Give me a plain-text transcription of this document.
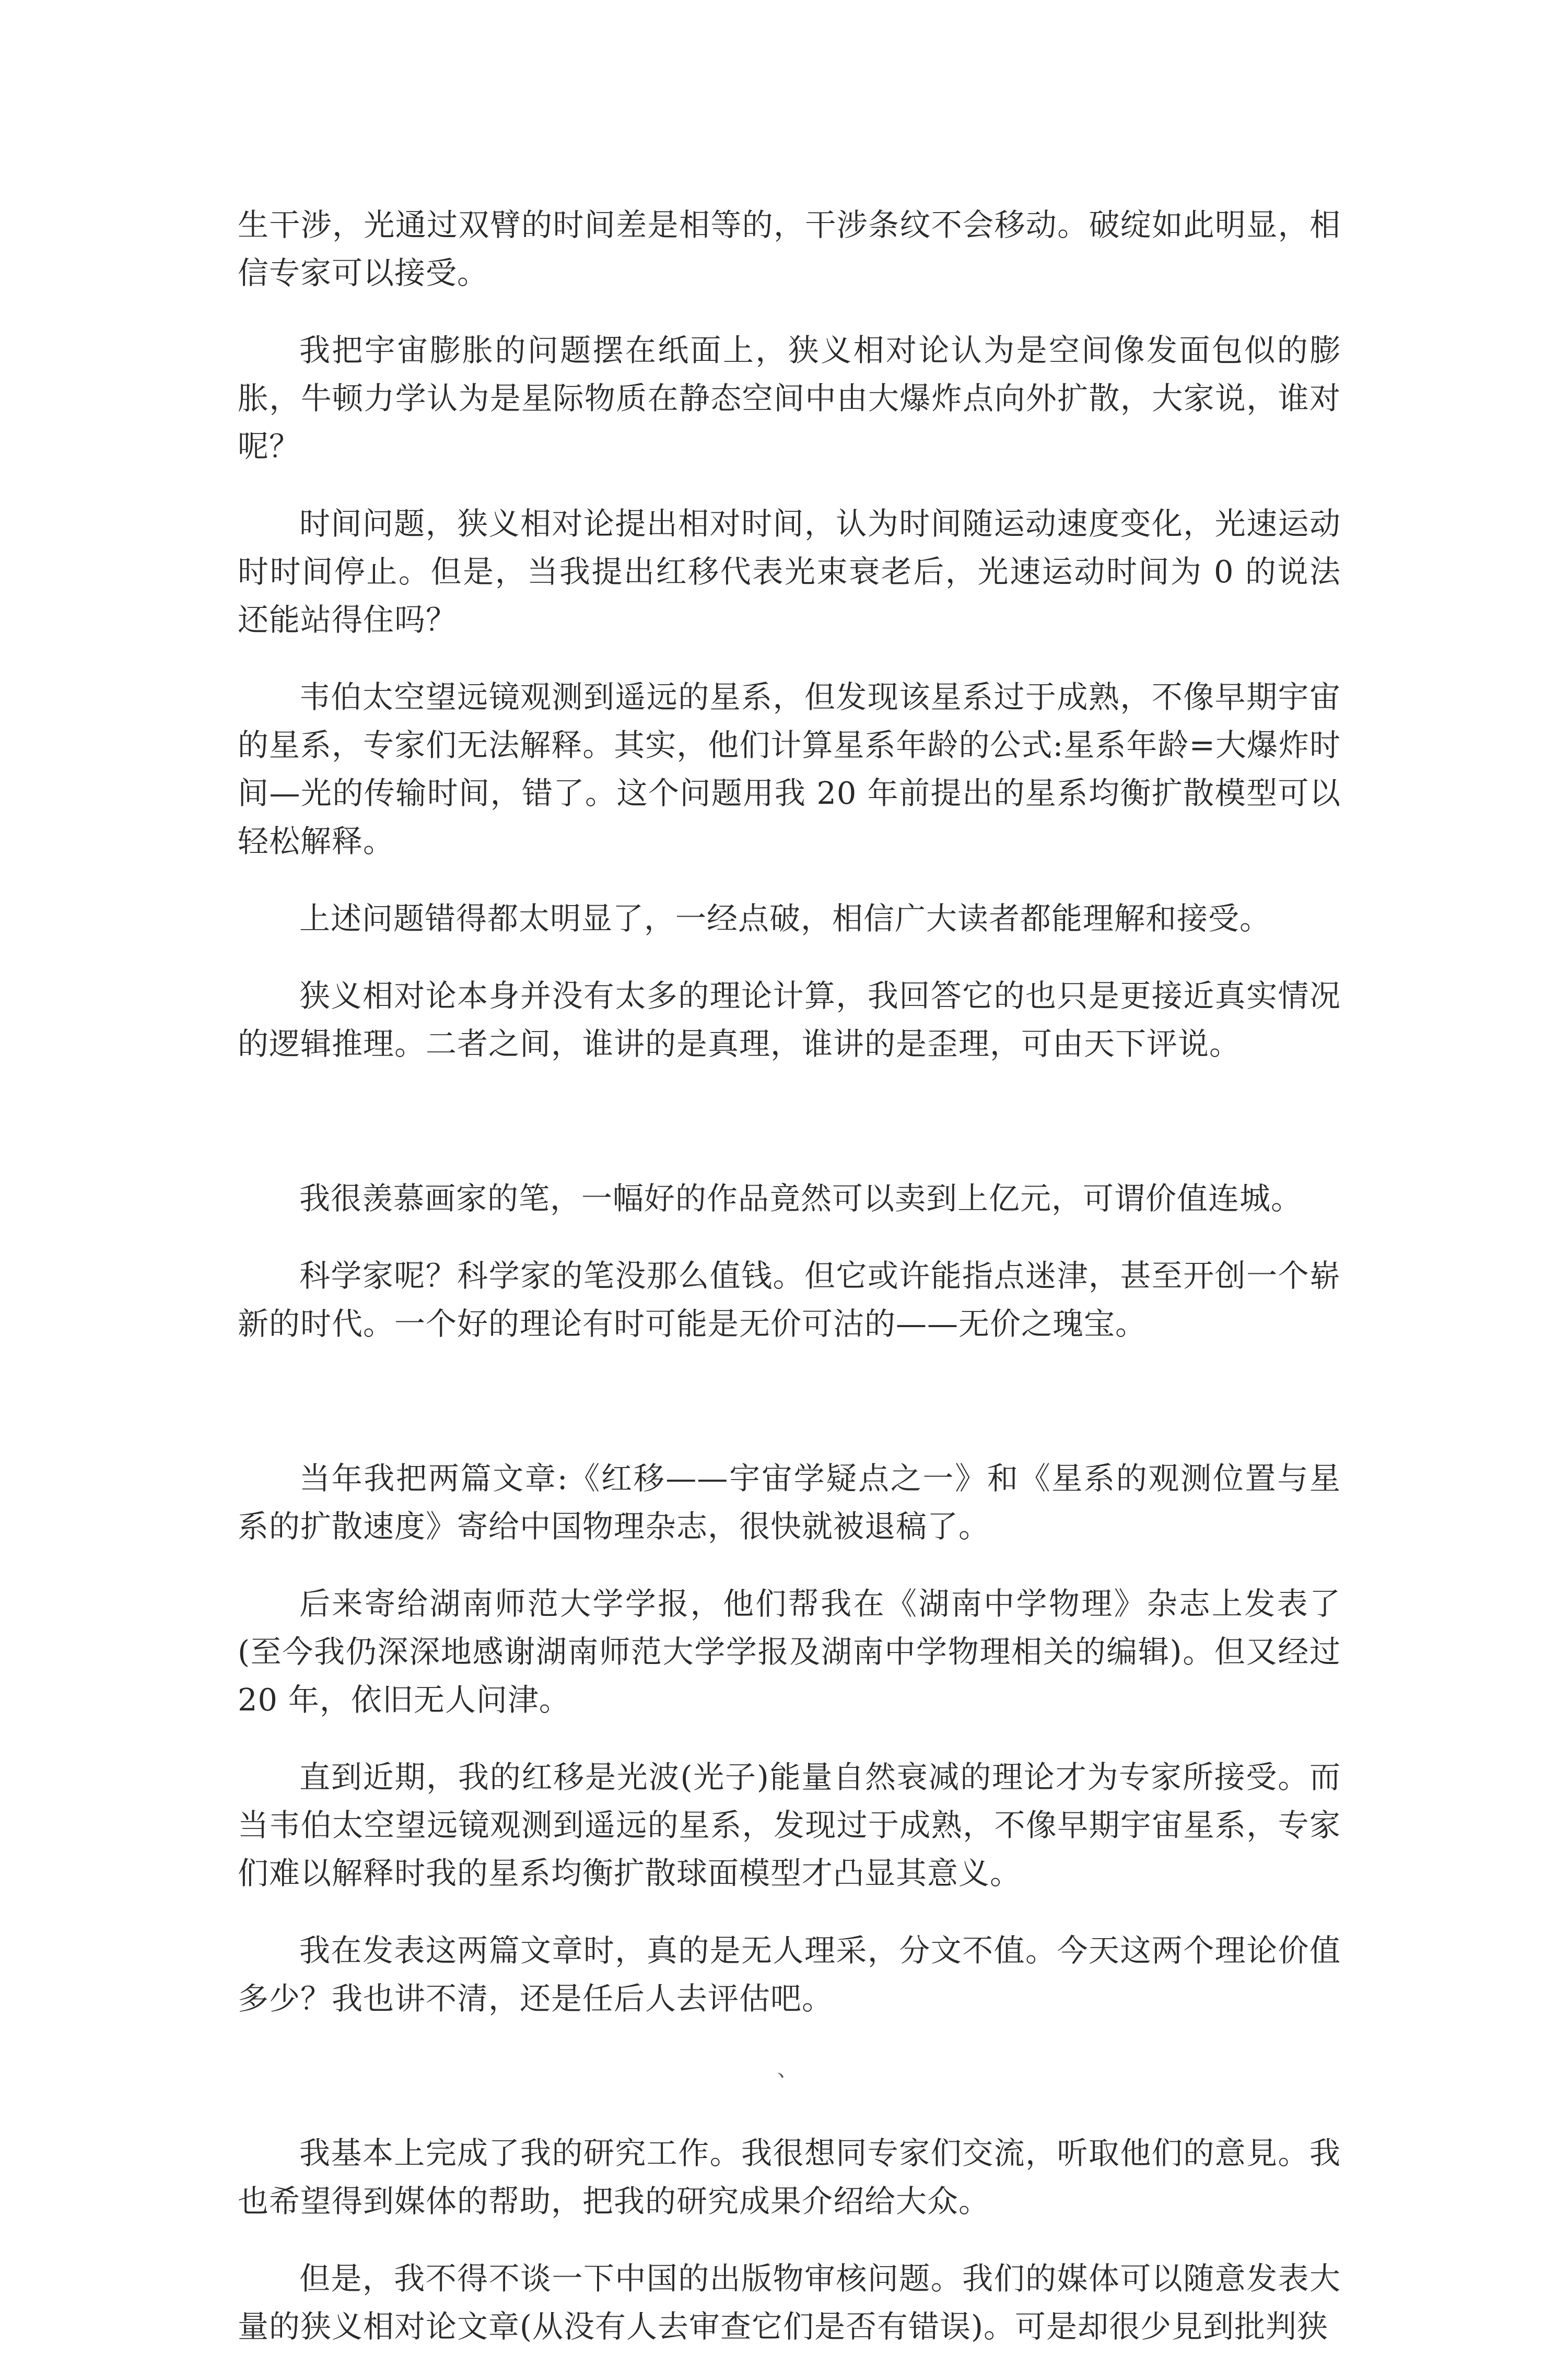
生干涉，光通过双臂的时间差是相等的，干涉条纹不会移动。破绽如此明显，相信专家可以接受。

我把宇宙膨胀的问题摆在纸面上，狭义相对论认为是空间像发面包似的膨胀，牛顿力学认为是星际物质在静态空间中由大爆炸点向外扩散，大家说，谁对呢？

时间问题，狭义相对论提出相对时间，认为时间随运动速度变化，光速运动时时间停止。但是，当我提出红移代表光束衰老后，光速运动时间为 0 的说法还能站得住吗？

韦伯太空望远镜观测到遥远的星系，但发现该星系过于成熟，不像早期宇宙的星系，专家们无法解释。其实，他们计算星系年龄的公式:星系年龄=大爆炸时间—光的传输时间，错了。这个问题用我 20 年前提出的星系均衡扩散模型可以轻松解释。

上述问题错得都太明显了，一经点破，相信广大读者都能理解和接受。

狭义相对论本身并没有太多的理论计算，我回答它的也只是更接近真实情况的逻辑推理。二者之间，谁讲的是真理，谁讲的是歪理，可由天下评说。

我很羡慕画家的笔，一幅好的作品竟然可以卖到上亿元，可谓价值连城。

科学家呢？科学家的笔没那么值钱。但它或许能指点迷津，甚至开创一个崭新的时代。一个好的理论有时可能是无价可沽的——无价之瑰宝。

当年我把两篇文章:《红移——宇宙学疑点之一》和《星系的观测位置与星系的扩散速度》寄给中国物理杂志，很快就被退稿了。

后来寄给湖南师范大学学报，他们帮我在《湖南中学物理》杂志上发表了(至今我仍深深地感谢湖南师范大学学报及湖南中学物理相关的编辑)。但又经过 20 年，依旧无人问津。

直到近期，我的红移是光波(光子)能量自然衰减的理论才为专家所接受。而当韦伯太空望远镜观测到遥远的星系，发现过于成熟，不像早期宇宙星系，专家们难以解释时我的星系均衡扩散球面模型才凸显其意义。

我在发表这两篇文章时，真的是无人理采，分文不值。今天这两个理论价值多少？我也讲不清，还是任后人去评估吧。

我基本上完成了我的研究工作。我很想同专家们交流，听取他们的意見。我也希望得到媒体的帮助，把我的研究成果介绍给大众。

但是，我不得不谈一下中国的出版物审核问题。我们的媒体可以随意发表大量的狭义相对论文章(从没有人去审查它们是否有错误)。可是却很少見到批判狭

、
